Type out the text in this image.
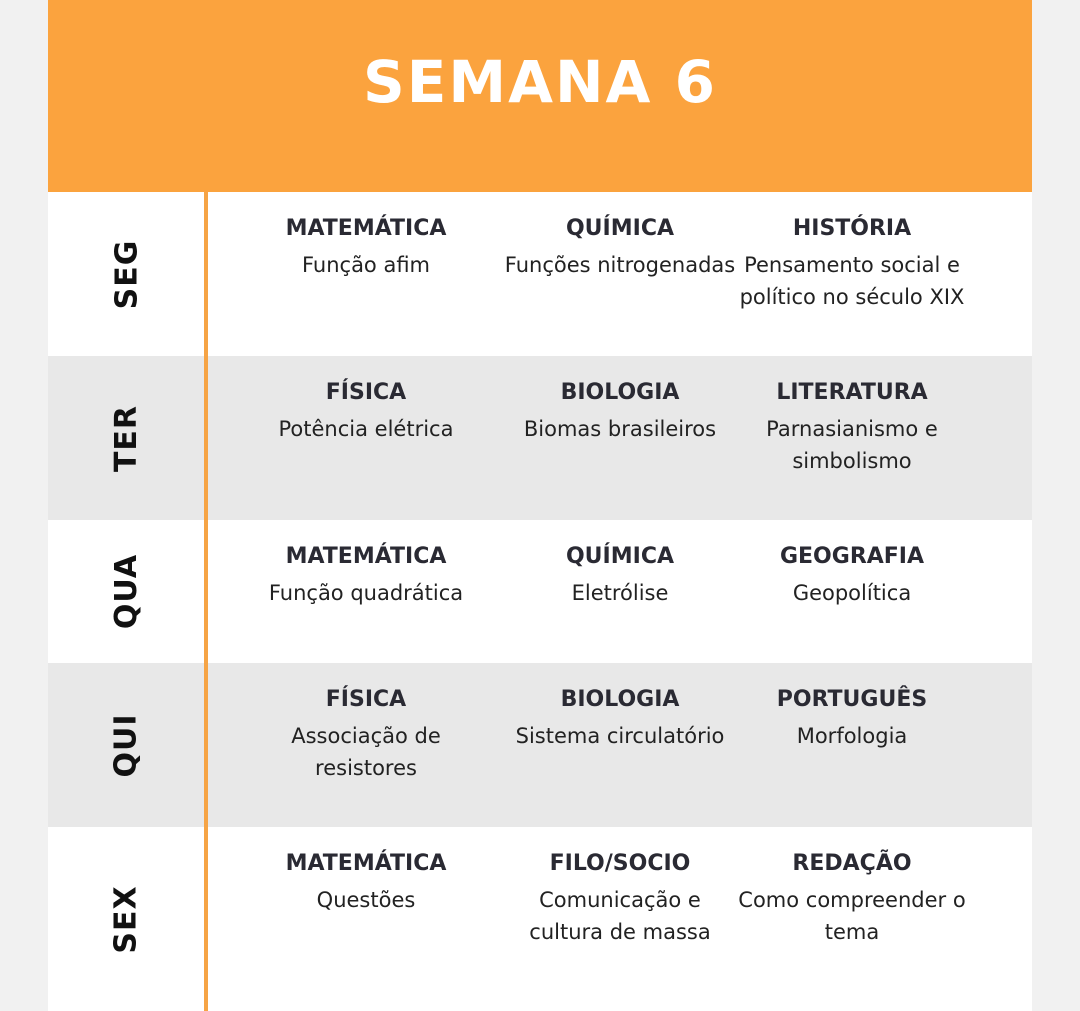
SEMANA 6
SEG
MATEMÁTICA
Função afim
QUÍMICA
Funções nitrogenadas
HISTÓRIA
Pensamento social e político no século XIX
TER
FÍSICA
Potência elétrica
BIOLOGIA
Biomas brasileiros
LITERATURA
Parnasianismo e simbolismo
QUA	MATEMÁTICA
Função quadrática
QUÍMICA
Eletrólise
GEOGRAFIA
Geopolítica
QUI
FÍSICA
Associação de resistores
BIOLOGIA
Sistema circulatório
PORTUGUÊS
Morfologia
SEX
MATEMÁTICA
Questões
FILO/SOCIO
Comunicação e cultura de massa
REDAÇÃO
Como compreender o tema
